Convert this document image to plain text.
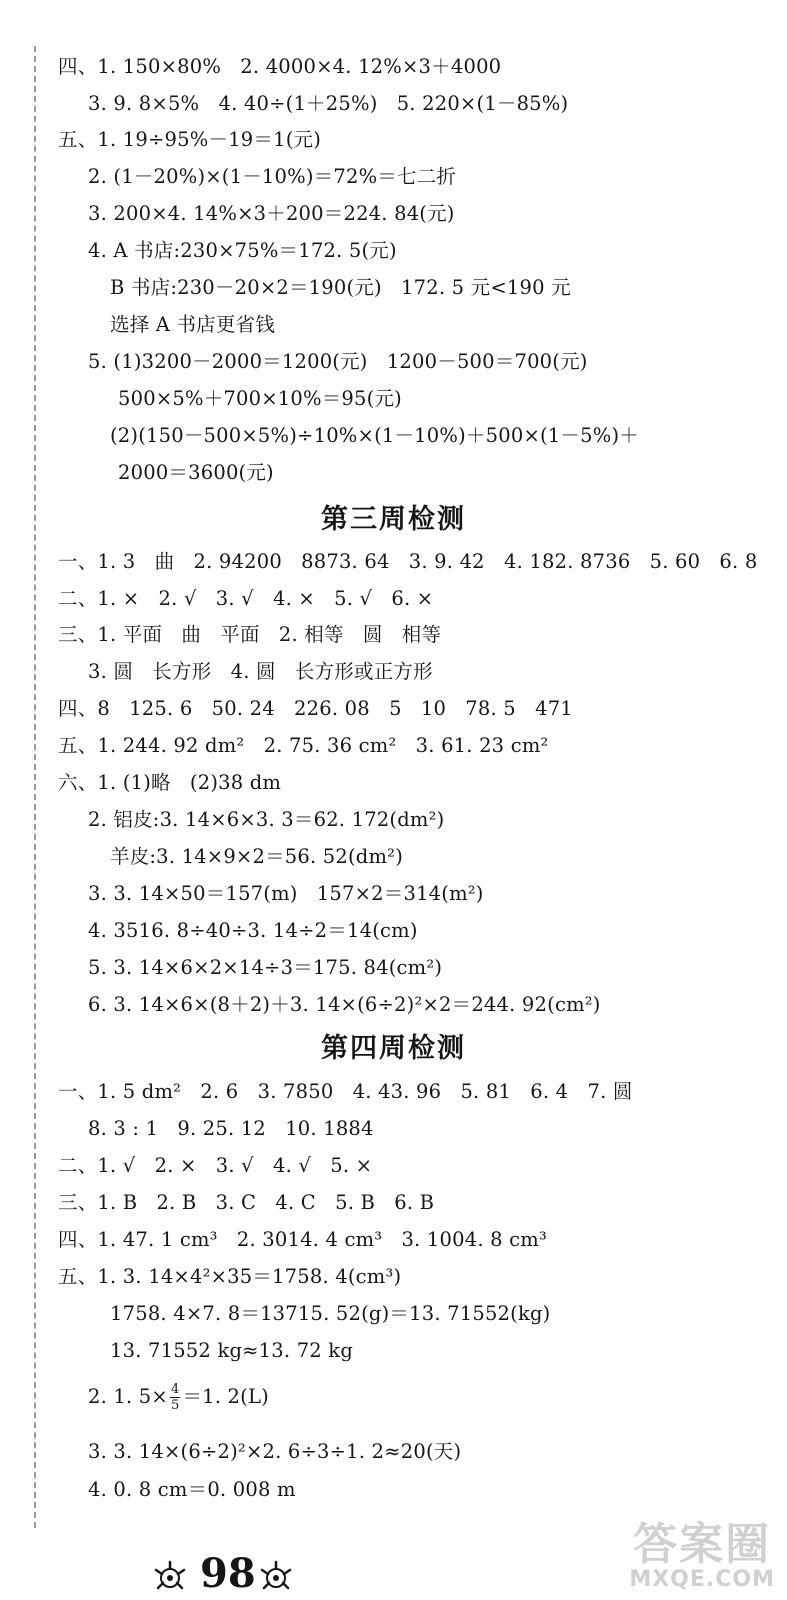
四、1. 150×80%   2. 4000×4. 12%×3＋4000
3. 9. 8×5%   4. 40÷(1＋25%)   5. 220×(1－85%)
五、1. 19÷95%－19＝1(元)
2. (1－20%)×(1－10%)＝72%＝七二折
3. 200×4. 14%×3＋200＝224. 84(元)
4. A 书店:230×75%＝172. 5(元)
B 书店:230－20×2＝190(元)   172. 5 元<190 元
选择 A 书店更省钱
5. (1)3200－2000＝1200(元)   1200－500＝700(元)
500×5%＋700×10%＝95(元)
(2)(150－500×5%)÷10%×(1－10%)＋500×(1－5%)＋
2000＝3600(元)
第三周检测
一、1. 3   曲   2. 94200   8873. 64   3. 9. 42   4. 182. 8736   5. 60   6. 8
二、1. ×   2. √   3. √   4. ×   5. √   6. ×
三、1. 平面   曲   平面   2. 相等   圆   相等
3. 圆   长方形   4. 圆   长方形或正方形
四、8   125. 6   50. 24   226. 08   5   10   78. 5   471
五、1. 244. 92 dm²   2. 75. 36 cm²   3. 61. 23 cm²
六、1. (1)略   (2)38 dm
2. 铝皮:3. 14×6×3. 3＝62. 172(dm²)
羊皮:3. 14×9×2＝56. 52(dm²)
3. 3. 14×50＝157(m)   157×2＝314(m²)
4. 3516. 8÷40÷3. 14÷2＝14(cm)
5. 3. 14×6×2×14÷3＝175. 84(cm²)
6. 3. 14×6×(8＋2)＋3. 14×(6÷2)²×2＝244. 92(cm²)
第四周检测
一、1. 5 dm²   2. 6   3. 7850   4. 43. 96   5. 81   6. 4   7. 圆
8. 3 : 1   9. 25. 12   10. 1884
二、1. √   2. ×   3. √   4. √   5. ×
三、1. B   2. B   3. C   4. C   5. B   6. B
四、1. 47. 1 cm³   2. 3014. 4 cm³   3. 1004. 8 cm³
五、1. 3. 14×4²×35＝1758. 4(cm³)
1758. 4×7. 8＝13715. 52(g)＝13. 71552(kg)
13. 71552 kg≈13. 72 kg
2. 1. $5\times \frac{4}{5} =1$. 2(L)
3. 3. 14×(6÷2)²×2. 6÷3÷1. 2≈20(天)
4. 0. 8 cm＝0. 008 m
98
答案圈
MXQE.COM
